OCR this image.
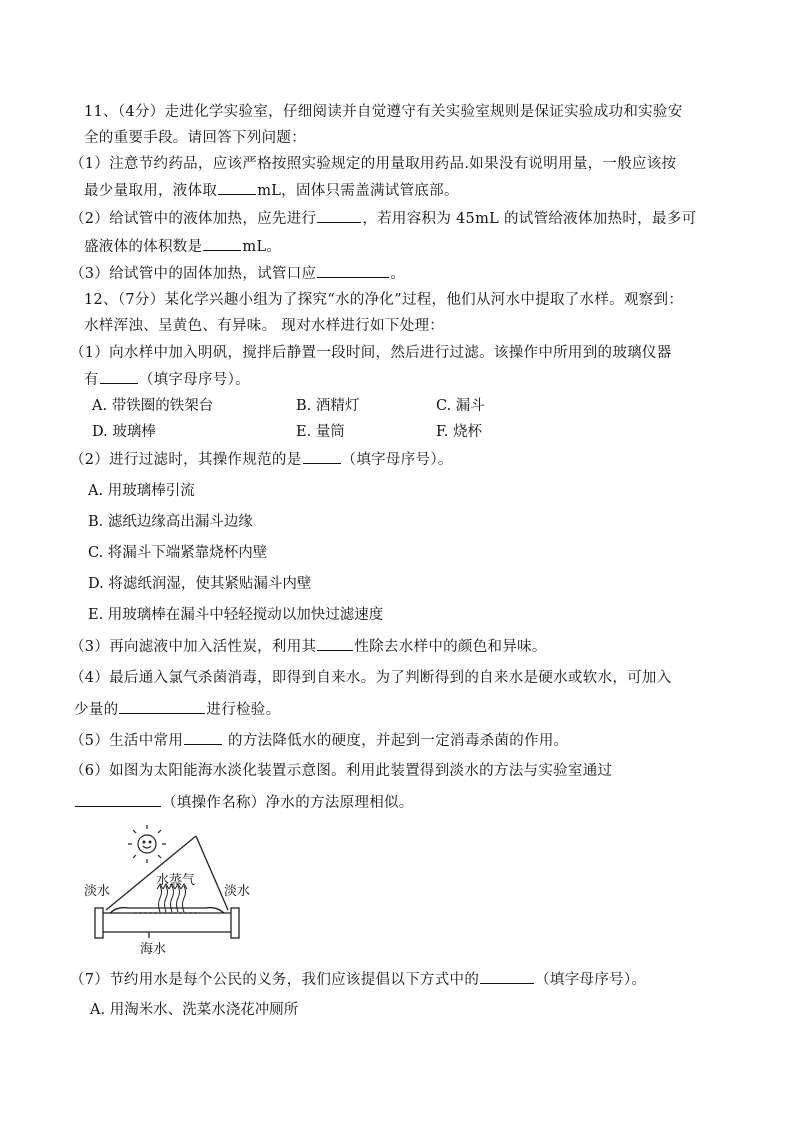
11、（4分）走进化学实验室，仔细阅读并自觉遵守有关实验室规则是保证实验成功和实验安
全的重要手段。请回答下列问题：
（1）注意节约药品，应该严格按照实验规定的用量取用药品.如果没有说明用量，一般应该按
最少量取用，液体取	mL，固体只需盖满试管底部。
（2）给试管中的液体加热，应先进行	，若用容积为 45mL 的试管给液体加热时，最多可
盛液体的体积数是	mL。
（3）给试管中的固体加热，试管口应	。
12、（7分）某化学兴趣小组为了探究“水的净化”过程，他们从河水中提取了水样。观察到：
水样浑浊、呈黄色、有异味。 现对水样进行如下处理：
（1）向水样中加入明矾，搅拌后静置一段时间，然后进行过滤。该操作中所用到的玻璃仪器
有	（填字母序号）。
A. 带铁圈的铁架台	B. 酒精灯	C. 漏斗
D. 玻璃棒	E. 量筒	F. 烧杯
（2）进行过滤时，其操作规范的是	（填字母序号）。
A. 用玻璃棒引流
B. 滤纸边缘高出漏斗边缘
C. 将漏斗下端紧靠烧杯内壁
D. 将滤纸润湿，使其紧贴漏斗内壁
E. 用玻璃棒在漏斗中轻轻搅动以加快过滤速度
（3）再向滤液中加入活性炭，利用其	性除去水样中的颜色和异味。
（4）最后通入氯气杀菌消毒，即得到自来水。为了判断得到的自来水是硬水或软水，可加入
少量的	进行检验。
（5）生活中常用	的方法降低水的硬度，并起到一定消毒杀菌的作用。
（6）如图为太阳能海水淡化装置示意图。利用此装置得到淡水的方法与实验室通过
（填操作名称）净水的方法原理相似。
淡水
水蒸气
淡水
海水
（7）节约用水是每个公民的义务，我们应该提倡以下方式中的	（填字母序号）。
A. 用淘米水、洗菜水浇花冲厕所
